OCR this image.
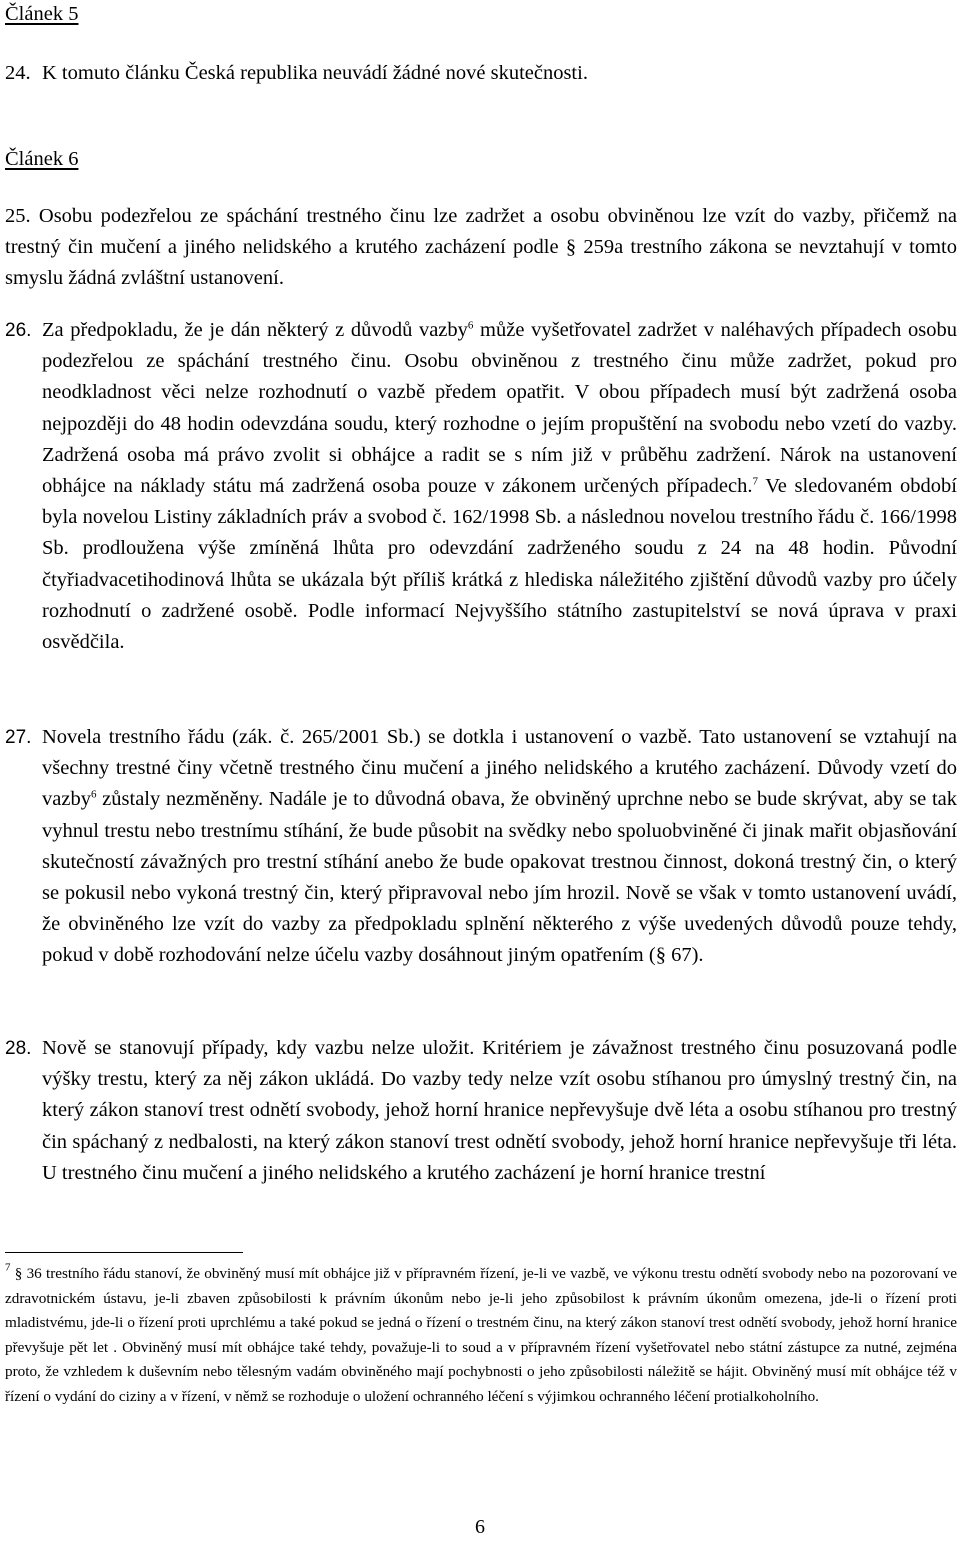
Článek 5

24. K tomuto článku Česká republika neuvádí žádné nové skutečnosti.

Článek 6

25. Osobu podezřelou ze spáchání trestného činu lze zadržet a osobu obviněnou lze vzít do vazby, přičemž na trestný čin mučení a jiného nelidského a krutého zacházení podle § 259a trestního zákona se nevztahují v tomto smyslu žádná zvláštní ustanovení.

26. Za předpokladu, že je dán některý z důvodů vazby$^6$ může vyšetřovatel zadržet v naléhavých případech osobu podezřelou ze spáchání trestného činu. Osobu obviněnou z trestného činu může zadržet, pokud pro neodkladnost věci nelze rozhodnutí o vazbě předem opatřit. V obou případech musí být zadržená osoba nejpozději do 48 hodin odevzdána soudu, který rozhodne o jejím propuštění na svobodu nebo vzetí do vazby. Zadržená osoba má právo zvolit si obhájce a radit se s ním již v průběhu zadržení. Nárok na ustanovení obhájce na náklady státu má zadržená osoba pouze v zákonem určených případech.$^7$ Ve sledovaném období byla novelou Listiny základních práv a svobod č. 162/1998 Sb. a následnou novelou trestního řádu č. 166/1998 Sb. prodloužena výše zmíněná lhůta pro odevzdání zadrženého soudu z 24 na 48 hodin. Původní čtyřiadvacetihodinová lhůta se ukázala být příliš krátká z hlediska náležitého zjištění důvodů vazby pro účely rozhodnutí o zadržené osobě. Podle informací Nejvyššího státního zastupitelství se nová úprava v praxi osvědčila.

27. Novela trestního řádu (zák. č. 265/2001 Sb.) se dotkla i ustanovení o vazbě. Tato ustanovení se vztahují na všechny trestné činy včetně trestného činu mučení a jiného nelidského a krutého zacházení. Důvody vzetí do vazby$^6$ zůstaly nezměněny. Nadále je to důvodná obava, že obviněný uprchne nebo se bude skrývat, aby se tak vyhnul trestu nebo trestnímu stíhání, že bude působit na svědky nebo spoluobviněné či jinak mařit objasňování skutečností závažných pro trestní stíhání anebo že bude opakovat trestnou činnost, dokoná trestný čin, o který se pokusil nebo vykoná trestný čin, který připravoval nebo jím hrozil. Nově se však v tomto ustanovení uvádí, že obviněného lze vzít do vazby za předpokladu splnění některého z výše uvedených důvodů pouze tehdy, pokud v době rozhodování nelze účelu vazby dosáhnout jiným opatřením (§ 67).

28. Nově se stanovují případy, kdy vazbu nelze uložit. Kritériem je závažnost trestného činu posuzovaná podle výšky trestu, který za něj zákon ukládá. Do vazby tedy nelze vzít osobu stíhanou pro úmyslný trestný čin, na který zákon stanoví trest odnětí svobody, jehož horní hranice nepřevyšuje dvě léta a osobu stíhanou pro trestný čin spáchaný z nedbalosti, na který zákon stanoví trest odnětí svobody, jehož horní hranice nepřevyšuje tři léta. U trestného činu mučení a jiného nelidského a krutého zacházení je horní hranice trestní

$^7$ § 36 trestního řádu stanoví, že obviněný musí mít obhájce již v přípravném řízení, je-li ve vazbě, ve výkonu trestu odnětí svobody nebo na pozorovaní ve zdravotnickém ústavu, je-li zbaven způsobilosti k právním úkonům nebo je-li jeho způsobilost k právním úkonům omezena, jde-li o řízení proti mladistvému, jde-li o řízení proti uprchlému a také pokud se jedná o řízení o trestném činu, na který zákon stanoví trest odnětí svobody, jehož horní hranice převyšuje pět let . Obviněný musí mít obhájce také tehdy, považuje-li to soud a v přípravném řízení vyšetřovatel nebo státní zástupce za nutné, zejména proto, že vzhledem k duševním nebo tělesným vadám obviněného mají pochybnosti o jeho způsobilosti náležitě se hájit. Obviněný musí mít obhájce též v řízení o vydání do ciziny a v řízení, v němž se rozhoduje o uložení ochranného léčení s výjimkou ochranného léčení protialkoholního.

6
